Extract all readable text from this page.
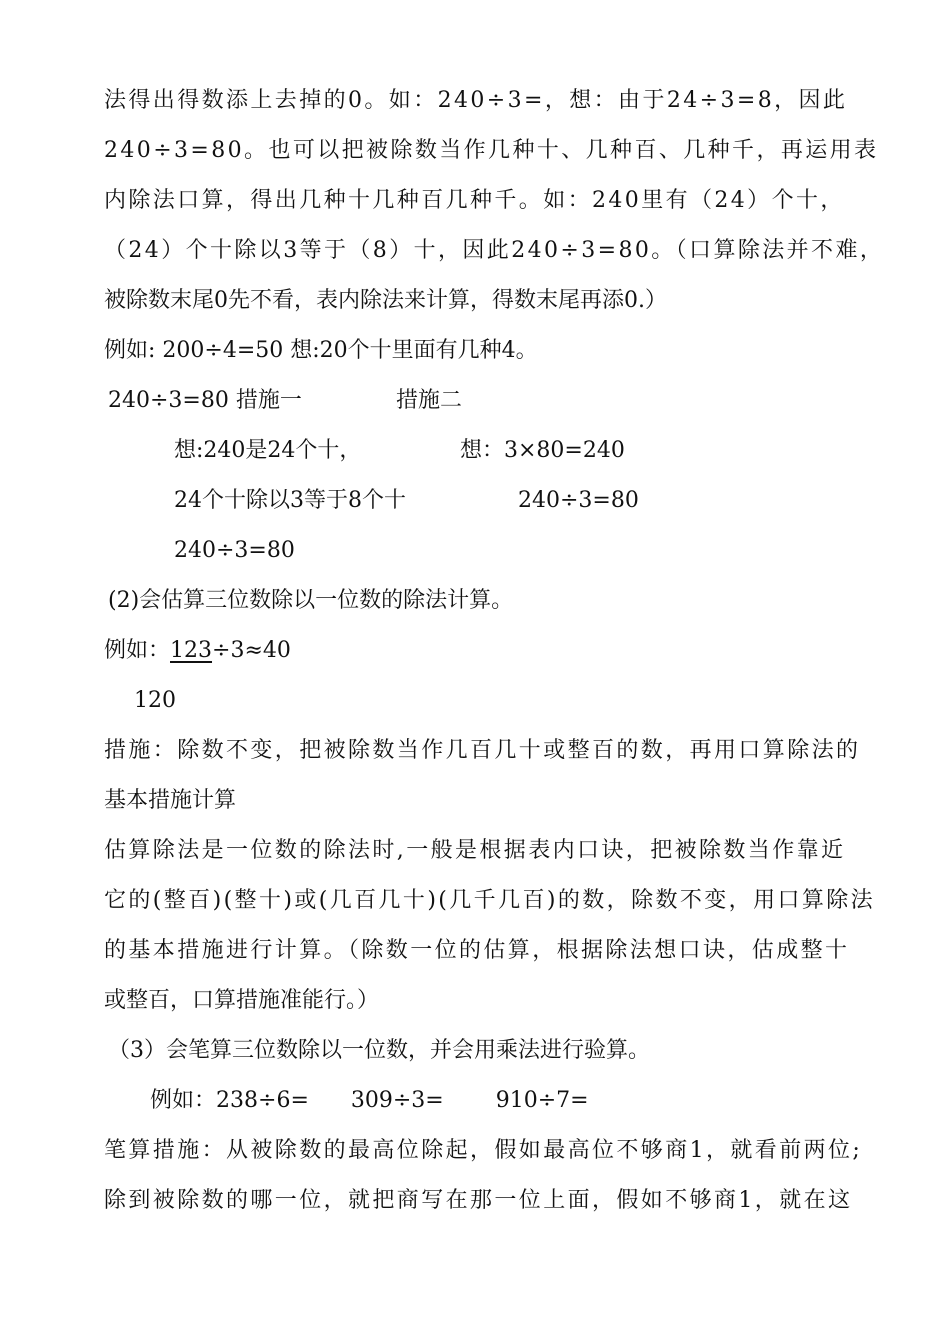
法得出得数添上去掉的0。如：240÷3=，想：由于24÷3=8，因此
240÷3=80。也可以把被除数当作几种十、几种百、几种千，再运用表
内除法口算，得出几种十几种百几种千。如：240里有（24）个十，
（24）个十除以3等于（8）十，因此240÷3=80。（口算除法并不难，
被除数末尾0先不看，表内除法来计算，得数末尾再添0.）
例如: 200÷4=50 想:20个十里面有几种4。
240÷3=80 措施一	措施二
想:240是24个十，	想：3×80=240
24个十除以3等于8个十	240÷3=80
240÷3=80
(2)会估算三位数除以一位数的除法计算。
例如：123÷3≈40
120
措施：除数不变，把被除数当作几百几十或整百的数，再用口算除法的
基本措施计算
估算除法是一位数的除法时,一般是根据表内口诀，把被除数当作靠近
它的(整百)(整十)或(几百几十)(几千几百)的数，除数不变，用口算除法
的基本措施进行计算。（除数一位的估算，根据除法想口诀，估成整十
或整百，口算措施准能行。）
（3）会笔算三位数除以一位数，并会用乘法进行验算。
例如：238÷6= 309÷3= 910÷7=
笔算措施：从被除数的最高位除起，假如最高位不够商1，就看前两位;
除到被除数的哪一位，就把商写在那一位上面，假如不够商1，就在这
